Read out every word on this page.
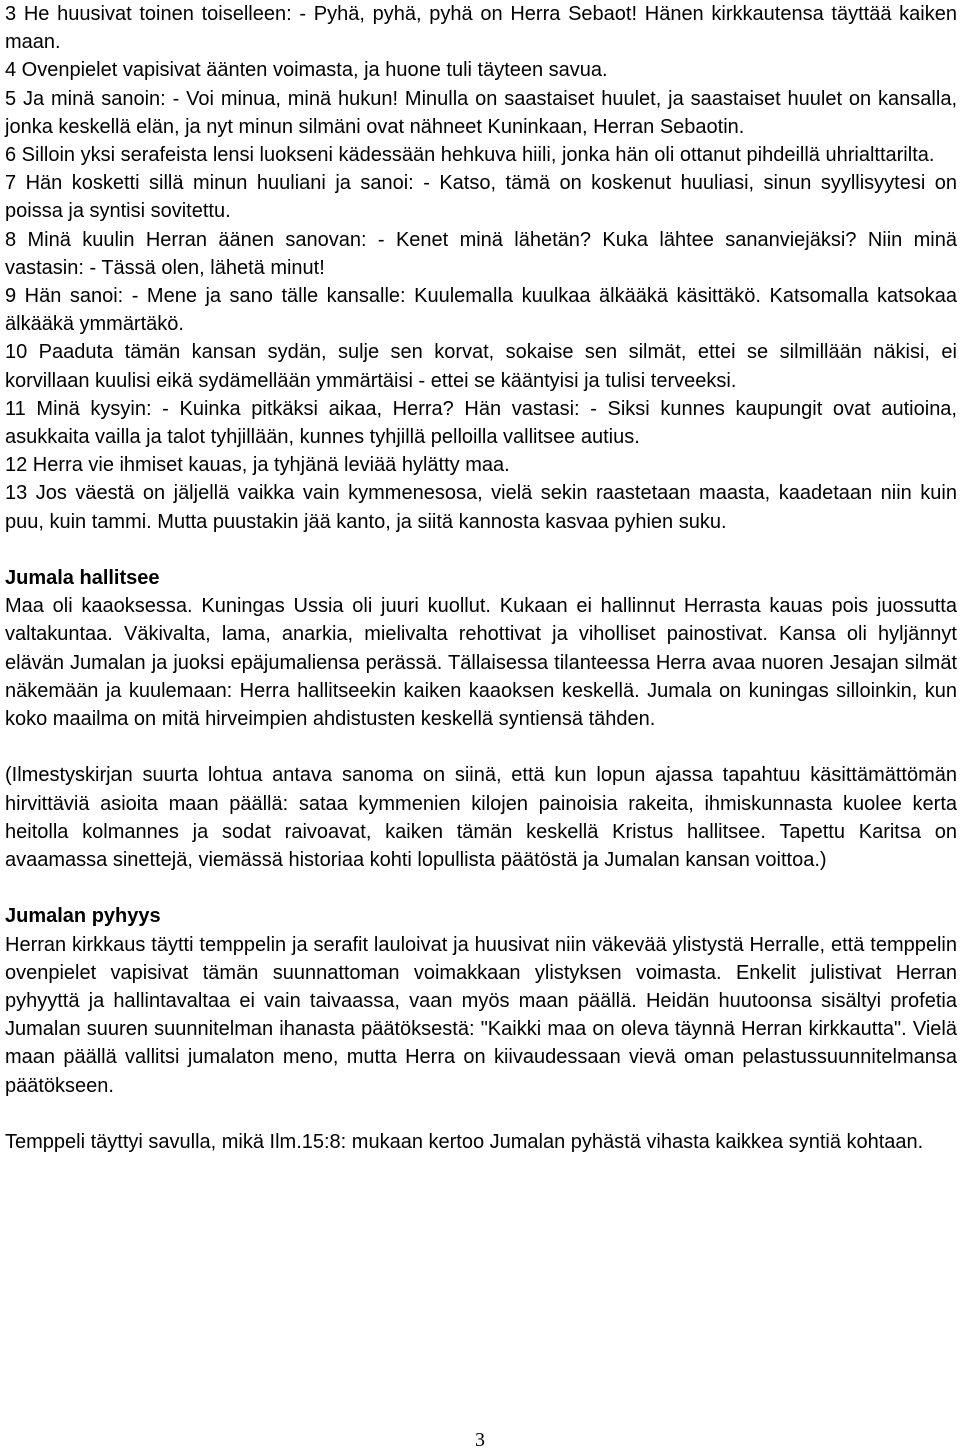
3 He huusivat toinen toiselleen: - Pyhä, pyhä, pyhä on Herra Sebaot! Hänen kirkkautensa täyttää kaiken maan.

4 Ovenpielet vapisivat äänten voimasta, ja huone tuli täyteen savua.

5 Ja minä sanoin: - Voi minua, minä hukun! Minulla on saastaiset huulet, ja saastaiset huulet on kansalla, jonka keskellä elän, ja nyt minun silmäni ovat nähneet Kuninkaan, Herran Sebaotin.

6 Silloin yksi serafeista lensi luokseni kädessään hehkuva hiili, jonka hän oli ottanut pihdeillä uhrialttarilta.

7 Hän kosketti sillä minun huuliani ja sanoi: - Katso, tämä on koskenut huuliasi, sinun syyllisyytesi on poissa ja syntisi sovitettu.

8 Minä kuulin Herran äänen sanovan: - Kenet minä lähetän? Kuka lähtee sananviejäksi? Niin minä vastasin: - Tässä olen, lähetä minut!

9 Hän sanoi: - Mene ja sano tälle kansalle: Kuulemalla kuulkaa älkääkä käsittäkö. Katsomalla katsokaa älkääkä ymmärtäkö.

10 Paaduta tämän kansan sydän, sulje sen korvat, sokaise sen silmät, ettei se silmillään näkisi, ei korvillaan kuulisi eikä sydämellään ymmärtäisi - ettei se kääntyisi ja tulisi terveeksi.

11 Minä kysyin: - Kuinka pitkäksi aikaa, Herra? Hän vastasi: - Siksi kunnes kaupungit ovat autioina, asukkaita vailla ja talot tyhjillään, kunnes tyhjillä pelloilla vallitsee autius.

12 Herra vie ihmiset kauas, ja tyhjänä leviää hylätty maa.

13 Jos väestä on jäljellä vaikka vain kymmenesosa, vielä sekin raastetaan maasta, kaadetaan niin kuin puu, kuin tammi. Mutta puustakin jää kanto, ja siitä kannosta kasvaa pyhien suku.

Jumala hallitsee

Maa oli kaaoksessa. Kuningas Ussia oli juuri kuollut. Kukaan ei hallinnut Herrasta kauas pois juossutta valtakuntaa. Väkivalta, lama, anarkia, mielivalta rehottivat ja viholliset painostivat. Kansa oli hyljännyt elävän Jumalan ja juoksi epäjumaliensa perässä. Tällaisessa tilanteessa Herra avaa nuoren Jesajan silmät näkemään ja kuulemaan: Herra hallitseekin kaiken kaaoksen keskellä. Jumala on kuningas silloinkin, kun koko maailma on mitä hirveimpien ahdistusten keskellä syntiensä tähden.

(Ilmestyskirjan suurta lohtua antava sanoma on siinä, että kun lopun ajassa tapahtuu käsittämättömän hirvittäviä asioita maan päällä: sataa kymmenien kilojen painoisia rakeita, ihmiskunnasta kuolee kerta heitolla kolmannes ja sodat raivoavat, kaiken tämän keskellä Kristus hallitsee. Tapettu Karitsa on avaamassa sinettejä, viemässä historiaa kohti lopullista päätöstä ja Jumalan kansan voittoa.)

Jumalan pyhyys

Herran kirkkaus täytti temppelin ja serafit lauloivat ja huusivat niin väkevää ylistystä Herralle, että temppelin ovenpielet vapisivat tämän suunnattoman voimakkaan ylistyksen voimasta. Enkelit julistivat Herran pyhyyttä ja hallintavaltaa ei vain taivaassa, vaan myös maan päällä. Heidän huutoonsa sisältyi profetia Jumalan suuren suunnitelman ihanasta päätöksestä: "Kaikki maa on oleva täynnä Herran kirkkautta". Vielä maan päällä vallitsi jumalaton meno, mutta Herra on kiivaudessaan vievä oman pelastussuunnitelmansa päätökseen.

Temppeli täyttyi savulla, mikä Ilm.15:8: mukaan kertoo Jumalan pyhästä vihasta kaikkea syntiä kohtaan.

3
